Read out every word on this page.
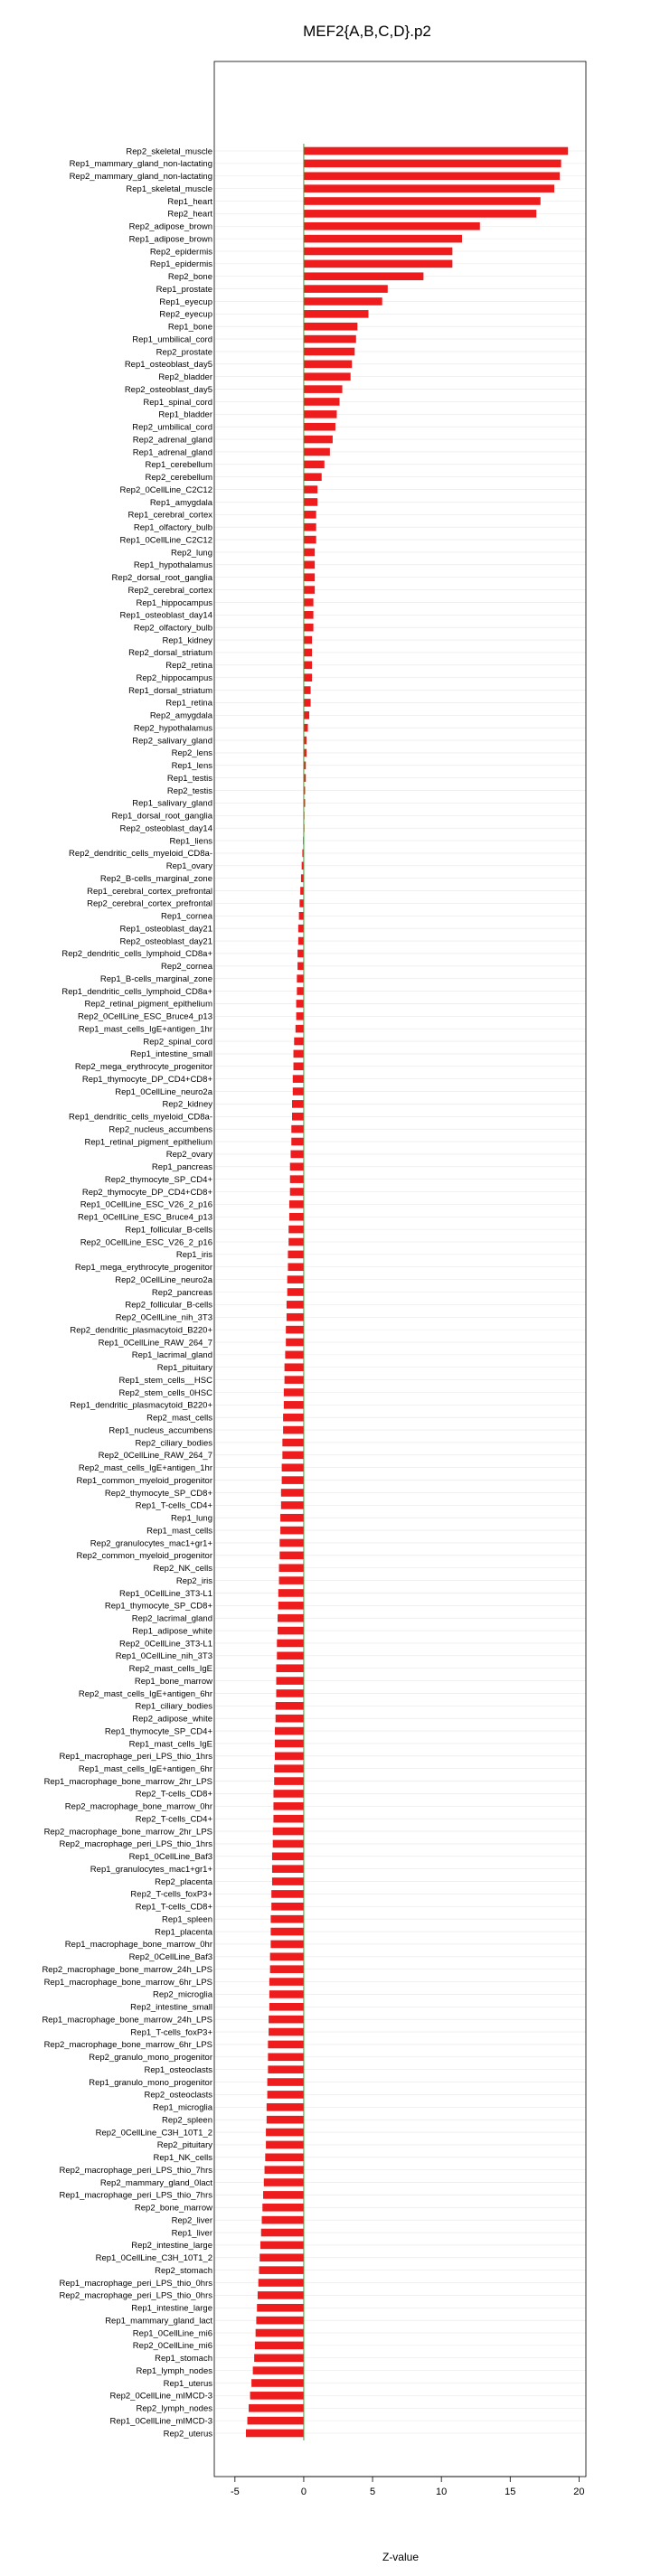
MEF2{A,B,C,D}.p2
Rep2_skeletal_muscle
Rep1_mammary_gland_non-lactating
Rep2_mammary_gland_non-lactating
Rep1_skeletal_muscle
Rep1_heart
Rep2_heart
Rep2_adipose_brown
Rep1_adipose_brown
Rep2_epidermis
Rep1_epidermis
Rep2_bone
Rep1_prostate
Rep1_eyecup
Rep2_eyecup
Rep1_bone
Rep1_umbilical_cord
Rep2_prostate
Rep1_osteoblast_day5
Rep2_bladder
Rep2_osteoblast_day5
Rep1_spinal_cord
Rep1_bladder
Rep2_umbilical_cord
Rep2_adrenal_gland
Rep1_adrenal_gland
Rep1_cerebellum
Rep2_cerebellum
Rep2_0CellLine_C2C12
Rep1_amygdala
Rep1_cerebral_cortex
Rep1_olfactory_bulb
Rep1_0CellLine_C2C12
Rep2_lung
Rep1_hypothalamus
Rep2_dorsal_root_ganglia
Rep2_cerebral_cortex
Rep1_hippocampus
Rep1_osteoblast_day14
Rep2_olfactory_bulb
Rep1_kidney
Rep2_dorsal_striatum
Rep2_retina
Rep2_hippocampus
Rep1_dorsal_striatum
Rep1_retina
Rep2_amygdala
Rep2_hypothalamus
Rep2_salivary_gland
Rep2_lens
Rep1_lens
Rep1_testis
Rep2_testis
Rep1_salivary_gland
Rep1_dorsal_root_ganglia
Rep2_osteoblast_day14
Rep1_liens
Rep2_dendritic_cells_myeloid_CD8a-
Rep1_ovary
Rep2_B-cells_marginal_zone
Rep1_cerebral_cortex_prefrontal
Rep2_cerebral_cortex_prefrontal
Rep1_cornea
Rep1_osteoblast_day21
Rep2_osteoblast_day21
Rep2_dendritic_cells_lymphoid_CD8a+
Rep2_cornea
Rep1_B-cells_marginal_zone
Rep1_dendritic_cells_lymphoid_CD8a+
Rep2_retinal_pigment_epithelium
Rep2_0CellLine_ESC_Bruce4_p13
Rep1_mast_cells_IgE+antigen_1hr
Rep2_spinal_cord
Rep1_intestine_small
Rep2_mega_erythrocyte_progenitor
Rep1_thymocyte_DP_CD4+CD8+
Rep1_0CellLine_neuro2a
Rep2_kidney
Rep1_dendritic_cells_myeloid_CD8a-
Rep2_nucleus_accumbens
Rep1_retinal_pigment_epithelium
Rep2_ovary
Rep1_pancreas
Rep2_thymocyte_SP_CD4+
Rep2_thymocyte_DP_CD4+CD8+
Rep1_0CellLine_ESC_V26_2_p16
Rep1_0CellLine_ESC_Bruce4_p13
Rep1_follicular_B-cells
Rep2_0CellLine_ESC_V26_2_p16
Rep1_iris
Rep1_mega_erythrocyte_progenitor
Rep2_0CellLine_neuro2a
Rep2_pancreas
Rep2_follicular_B-cells
Rep2_0CellLine_nih_3T3
Rep2_dendritic_plasmacytoid_B220+
Rep1_0CellLine_RAW_264_7
Rep1_lacrimal_gland
Rep1_pituitary
Rep1_stem_cells__HSC
Rep2_stem_cells_0HSC
Rep1_dendritic_plasmacytoid_B220+
Rep2_mast_cells
Rep1_nucleus_accumbens
Rep2_ciliary_bodies
Rep2_0CellLine_RAW_264_7
Rep2_mast_cells_IgE+antigen_1hr
Rep1_common_myeloid_progenitor
Rep2_thymocyte_SP_CD8+
Rep1_T-cells_CD4+
Rep1_lung
Rep1_mast_cells
Rep2_granulocytes_mac1+gr1+
Rep2_common_myeloid_progenitor
Rep2_NK_cells
Rep2_iris
Rep1_0CellLine_3T3-L1
Rep1_thymocyte_SP_CD8+
Rep2_lacrimal_gland
Rep1_adipose_white
Rep2_0CellLine_3T3-L1
Rep1_0CellLine_nih_3T3
Rep2_mast_cells_IgE
Rep1_bone_marrow
Rep2_mast_cells_IgE+antigen_6hr
Rep1_ciliary_bodies
Rep2_adipose_white
Rep1_thymocyte_SP_CD4+
Rep1_mast_cells_IgE
Rep1_macrophage_peri_LPS_thio_1hrs
Rep1_mast_cells_IgE+antigen_6hr
Rep1_macrophage_bone_marrow_2hr_LPS
Rep2_T-cells_CD8+
Rep2_macrophage_bone_marrow_0hr
Rep2_T-cells_CD4+
Rep2_macrophage_bone_marrow_2hr_LPS
Rep2_macrophage_peri_LPS_thio_1hrs
Rep1_0CellLine_Baf3
Rep1_granulocytes_mac1+gr1+
Rep2_placenta
Rep2_T-cells_foxP3+
Rep1_T-cells_CD8+
Rep1_spleen
Rep1_placenta
Rep1_macrophage_bone_marrow_0hr
Rep2_0CellLine_Baf3
Rep2_macrophage_bone_marrow_24h_LPS
Rep1_macrophage_bone_marrow_6hr_LPS
Rep2_microglia
Rep2_intestine_small
Rep1_macrophage_bone_marrow_24h_LPS
Rep1_T-cells_foxP3+
Rep2_macrophage_bone_marrow_6hr_LPS
Rep2_granulo_mono_progenitor
Rep1_osteoclasts
Rep1_granulo_mono_progenitor
Rep2_osteoclasts
Rep1_microglia
Rep2_spleen
Rep2_0CellLine_C3H_10T1_2
Rep2_pituitary
Rep1_NK_cells
Rep2_macrophage_peri_LPS_thio_7hrs
Rep2_mammary_gland_0lact
Rep1_macrophage_peri_LPS_thio_7hrs
Rep2_bone_marrow
Rep2_liver
Rep1_liver
Rep2_intestine_large
Rep1_0CellLine_C3H_10T1_2
Rep2_stomach
Rep1_macrophage_peri_LPS_thio_0hrs
Rep2_macrophage_peri_LPS_thio_0hrs
Rep1_intestine_large
Rep1_mammary_gland_lact
Rep1_0CellLine_mi6
Rep2_0CellLine_mi6
Rep1_stomach
Rep1_lymph_nodes
Rep1_uterus
Rep2_0CellLine_mIMCD-3
Rep2_lymph_nodes
Rep1_0CellLine_mIMCD-3
Rep2_uterus
-5	0	5	10	15	20
Z-value
